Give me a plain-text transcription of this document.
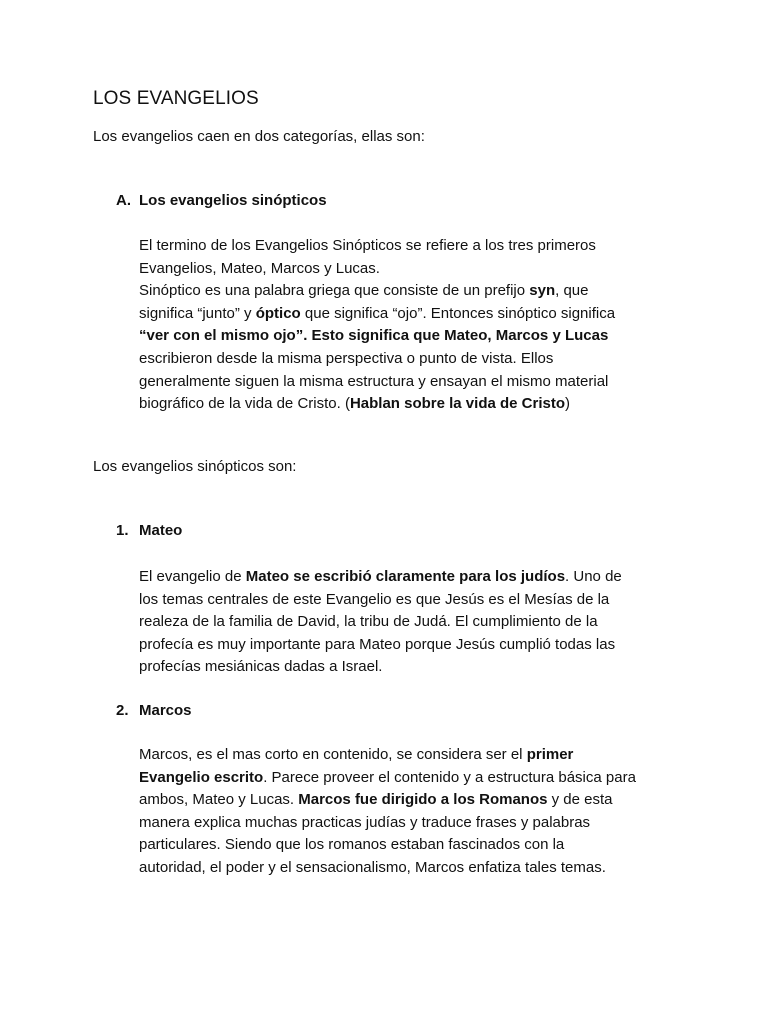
LOS EVANGELIOS

Los evangelios caen en dos categorías, ellas son:

A. Los evangelios sinópticos
El termino de los Evangelios Sinópticos se refiere a los tres primeros
Evangelios, Mateo, Marcos y Lucas.
Sinóptico es una palabra griega que consiste de un prefijo syn, que
significa “junto” y óptico que significa “ojo”. Entonces sinóptico significa
“ver con el mismo ojo”. Esto significa que Mateo, Marcos y Lucas
escribieron desde la misma perspectiva o punto de vista. Ellos
generalmente siguen la misma estructura y ensayan el mismo material
biográfico de la vida de Cristo. (Hablan sobre la vida de Cristo)

Los evangelios sinópticos son:

1. Mateo
El evangelio de Mateo se escribió claramente para los judíos. Uno de
los temas centrales de este Evangelio es que Jesús es el Mesías de la
realeza de la familia de David, la tribu de Judá. El cumplimiento de la
profecía es muy importante para Mateo porque Jesús cumplió todas las
profecías mesiánicas dadas a Israel.
2. Marcos
Marcos, es el mas corto en contenido, se considera ser el primer
Evangelio escrito. Parece proveer el contenido y a estructura básica para
ambos, Mateo y Lucas. Marcos fue dirigido a los Romanos y de esta
manera explica muchas practicas judías y traduce frases y palabras
particulares. Siendo que los romanos estaban fascinados con la
autoridad, el poder y el sensacionalismo, Marcos enfatiza tales temas.
